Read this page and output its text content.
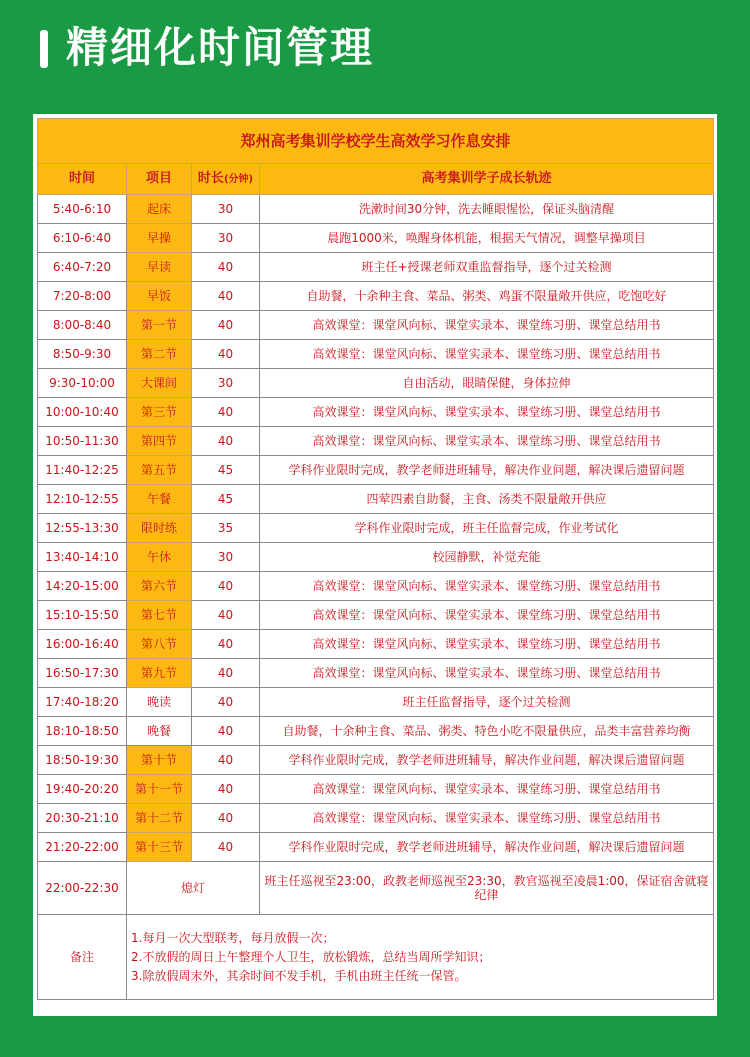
精细化时间管理
郑州高考集训学校学生高效学习作息安排			
时间	项目	时长(分钟)	高考集训学子成长轨迹
5:40-6:10	起床	30	洗漱时间30分钟，洗去睡眼惺忪，保证头脑清醒
6:10-6:40	早操	30	晨跑1000米，唤醒身体机能，根据天气情况，调整早操项目
6:40-7:20	早读	40	班主任+授课老师双重监督指导，逐个过关检测
7:20-8:00	早饭	40	自助餐，十余种主食、菜品、粥类、鸡蛋不限量敞开供应，吃饱吃好
8:00-8:40	第一节	40	高效课堂：课堂风向标、课堂实录本、课堂练习册、课堂总结用书
8:50-9:30	第二节	40	高效课堂：课堂风向标、课堂实录本、课堂练习册、课堂总结用书
9:30-10:00	大课间	30	自由活动，眼睛保健，身体拉伸
10:00-10:40	第三节	40	高效课堂：课堂风向标、课堂实录本、课堂练习册、课堂总结用书
10:50-11:30	第四节	40	高效课堂：课堂风向标、课堂实录本、课堂练习册、课堂总结用书
11:40-12:25	第五节	45	学科作业限时完成，教学老师进班辅导，解决作业问题，解决课后遗留问题
12:10-12:55	午餐	45	四荤四素自助餐，主食、汤类不限量敞开供应
12:55-13:30	限时练	35	学科作业限时完成，班主任监督完成，作业考试化
13:40-14:10	午休	30	校园静默，补觉充能
14:20-15:00	第六节	40	高效课堂：课堂风向标、课堂实录本、课堂练习册、课堂总结用书
15:10-15:50	第七节	40	高效课堂：课堂风向标、课堂实录本、课堂练习册、课堂总结用书
16:00-16:40	第八节	40	高效课堂：课堂风向标、课堂实录本、课堂练习册、课堂总结用书
16:50-17:30	第九节	40	高效课堂：课堂风向标、课堂实录本、课堂练习册、课堂总结用书
17:40-18:20	晚读	40	班主任监督指导，逐个过关检测
18:10-18:50	晚餐	40	自助餐，十余种主食、菜品、粥类、特色小吃不限量供应，品类丰富营养均衡
18:50-19:30	第十节	40	学科作业限时完成，教学老师进班辅导，解决作业问题，解决课后遗留问题
19:40-20:20	第十一节	40	高效课堂：课堂风向标、课堂实录本、课堂练习册、课堂总结用书
20:30-21:10	第十二节	40	高效课堂：课堂风向标、课堂实录本、课堂练习册、课堂总结用书
21:20-22:00	第十三节	40	学科作业限时完成，教学老师进班辅导，解决作业问题，解决课后遗留问题
22:00-22:30	熄灯		班主任巡视至23:00，政教老师巡视至23:30，教官巡视至凌晨1:00，保证宿舍就寝纪律
备注	1.每月一次大型联考，每月放假一次；
2.不放假的周日上午整理个人卫生，放松锻炼，总结当周所学知识；
3.除放假周末外，其余时间不发手机，手机由班主任统一保管。		
